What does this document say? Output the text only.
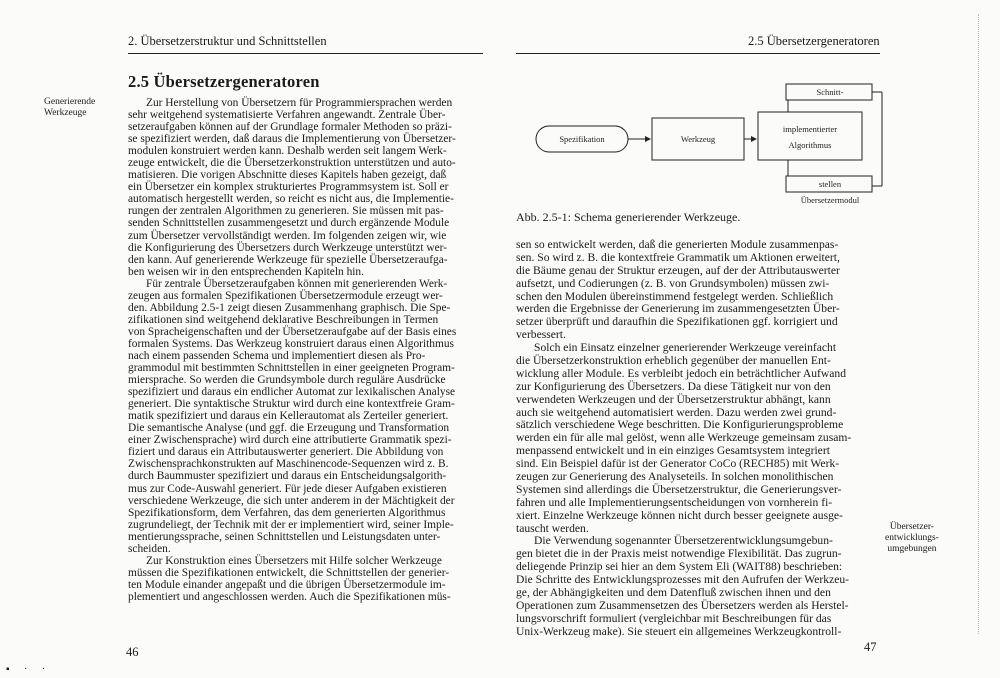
2. Übersetzerstruktur und Schnittstellen
2.5 Übersetzergeneratoren
Generierende
Werkzeuge
Zur Herstellung von Übersetzern für Programmiersprachen werden
sehr weitgehend systematisierte Verfahren angewandt. Zentrale Über-
setzeraufgaben können auf der Grundlage formaler Methoden so präzi-
se spezifiziert werden, daß daraus die Implementierung von Übersetzer-
modulen konstruiert werden kann. Deshalb werden seit langem Werk-
zeuge entwickelt, die die Übersetzerkonstruktion unterstützen und auto-
matisieren. Die vorigen Abschnitte dieses Kapitels haben gezeigt, daß
ein Übersetzer ein komplex strukturiertes Programmsystem ist. Soll er
automatisch hergestellt werden, so reicht es nicht aus, die Implementie-
rungen der zentralen Algorithmen zu generieren. Sie müssen mit pas-
senden Schnittstellen zusammengesetzt und durch ergänzende Module
zum Übersetzer vervollständigt werden. Im folgenden zeigen wir, wie
die Konfigurierung des Übersetzers durch Werkzeuge unterstützt wer-
den kann. Auf generierende Werkzeuge für spezielle Übersetzeraufga-
ben weisen wir in den entsprechenden Kapiteln hin.
Für zentrale Übersetzeraufgaben können mit generierenden Werk-
zeugen aus formalen Spezifikationen Übersetzermodule erzeugt wer-
den. Abbildung 2.5-1 zeigt diesen Zusammenhang graphisch. Die Spe-
zifikationen sind weitgehend deklarative Beschreibungen in Termen
von Spracheigenschaften und der Übersetzeraufgabe auf der Basis eines
formalen Systems. Das Werkzeug konstruiert daraus einen Algorithmus
nach einem passenden Schema und implementiert diesen als Pro-
grammodul mit bestimmten Schnittstellen in einer geeigneten Program-
miersprache. So werden die Grundsymbole durch reguläre Ausdrücke
spezifiziert und daraus ein endlicher Automat zur lexikalischen Analyse
generiert. Die syntaktische Struktur wird durch eine kontextfreie Gram-
matik spezifiziert und daraus ein Kellerautomat als Zerteiler generiert.
Die semantische Analyse (und ggf. die Erzeugung und Transformation
einer Zwischensprache) wird durch eine attributierte Grammatik spezi-
fiziert und daraus ein Attributauswerter generiert. Die Abbildung von
Zwischensprachkonstrukten auf Maschinencode-Sequenzen wird z. B.
durch Baummuster spezifiziert und daraus ein Entscheidungsalgorith-
mus zur Code-Auswahl generiert. Für jede dieser Aufgaben existieren
verschiedene Werkzeuge, die sich unter anderem in der Mächtigkeit der
Spezifikationsform, dem Verfahren, das dem generierten Algorithmus
zugrundeliegt, der Technik mit der er implementiert wird, seiner Imple-
mentierungssprache, seinen Schnittstellen und Leistungsdaten unter-
scheiden.
Zur Konstruktion eines Übersetzers mit Hilfe solcher Werkzeuge
müssen die Spezifikationen entwickelt, die Schnittstellen der generier-
ten Module einander angepaßt und die übrigen Übersetzermodule im-
plementiert und angeschlossen werden. Auch die Spezifikationen müs-
46
2.5 Übersetzergeneratoren
Spezifikation	Werkzeug
Schnitt-
implementierter
Algorithmus
stellen
Übersetzermodul
Abb. 2.5-1: Schema generierender Werkzeuge.
sen so entwickelt werden, daß die generierten Module zusammenpas-
sen. So wird z. B. die kontextfreie Grammatik um Aktionen erweitert,
die Bäume genau der Struktur erzeugen, auf der der Attributauswerter
aufsetzt, und Codierungen (z. B. von Grundsymbolen) müssen zwi-
schen den Modulen übereinstimmend festgelegt werden. Schließlich
werden die Ergebnisse der Generierung im zusammengesetzten Über-
setzer überprüft und daraufhin die Spezifikationen ggf. korrigiert und
verbessert.
Solch ein Einsatz einzelner generierender Werkzeuge vereinfacht
die Übersetzerkonstruktion erheblich gegenüber der manuellen Ent-
wicklung aller Module. Es verbleibt jedoch ein beträchtlicher Aufwand
zur Konfigurierung des Übersetzers. Da diese Tätigkeit nur von den
verwendeten Werkzeugen und der Übersetzerstruktur abhängt, kann
auch sie weitgehend automatisiert werden. Dazu werden zwei grund-
sätzlich verschiedene Wege beschritten. Die Konfigurierungsprobleme
werden ein für alle mal gelöst, wenn alle Werkzeuge gemeinsam zusam-
menpassend entwickelt und in ein einziges Gesamtsystem integriert
sind. Ein Beispiel dafür ist der Generator CoCo (RECH85) mit Werk-
zeugen zur Generierung des Analyseteils. In solchen monolithischen
Systemen sind allerdings die Übersetzerstruktur, die Generierungsver-
fahren und alle Implementierungsentscheidungen von vornherein fi-
xiert. Einzelne Werkzeuge können nicht durch besser geeignete ausge-
tauscht werden.
Die Verwendung sogenannter Übersetzerentwicklungsumgebun-
gen bietet die in der Praxis meist notwendige Flexibilität. Das zugrun-
deliegende Prinzip sei hier an dem System Eli (WAIT88) beschrieben:
Die Schritte des Entwicklungsprozesses mit den Aufrufen der Werkzeu-
ge, der Abhängigkeiten und dem Datenfluß zwischen ihnen und den
Operationen zum Zusammensetzen des Übersetzers werden als Herstel-
lungsvorschrift formuliert (vergleichbar mit Beschreibungen für das
Unix-Werkzeug make). Sie steuert ein allgemeines Werkzeugkontroll-
Übersetzer-
entwicklungs-
umgebungen
47
▪ · ·
